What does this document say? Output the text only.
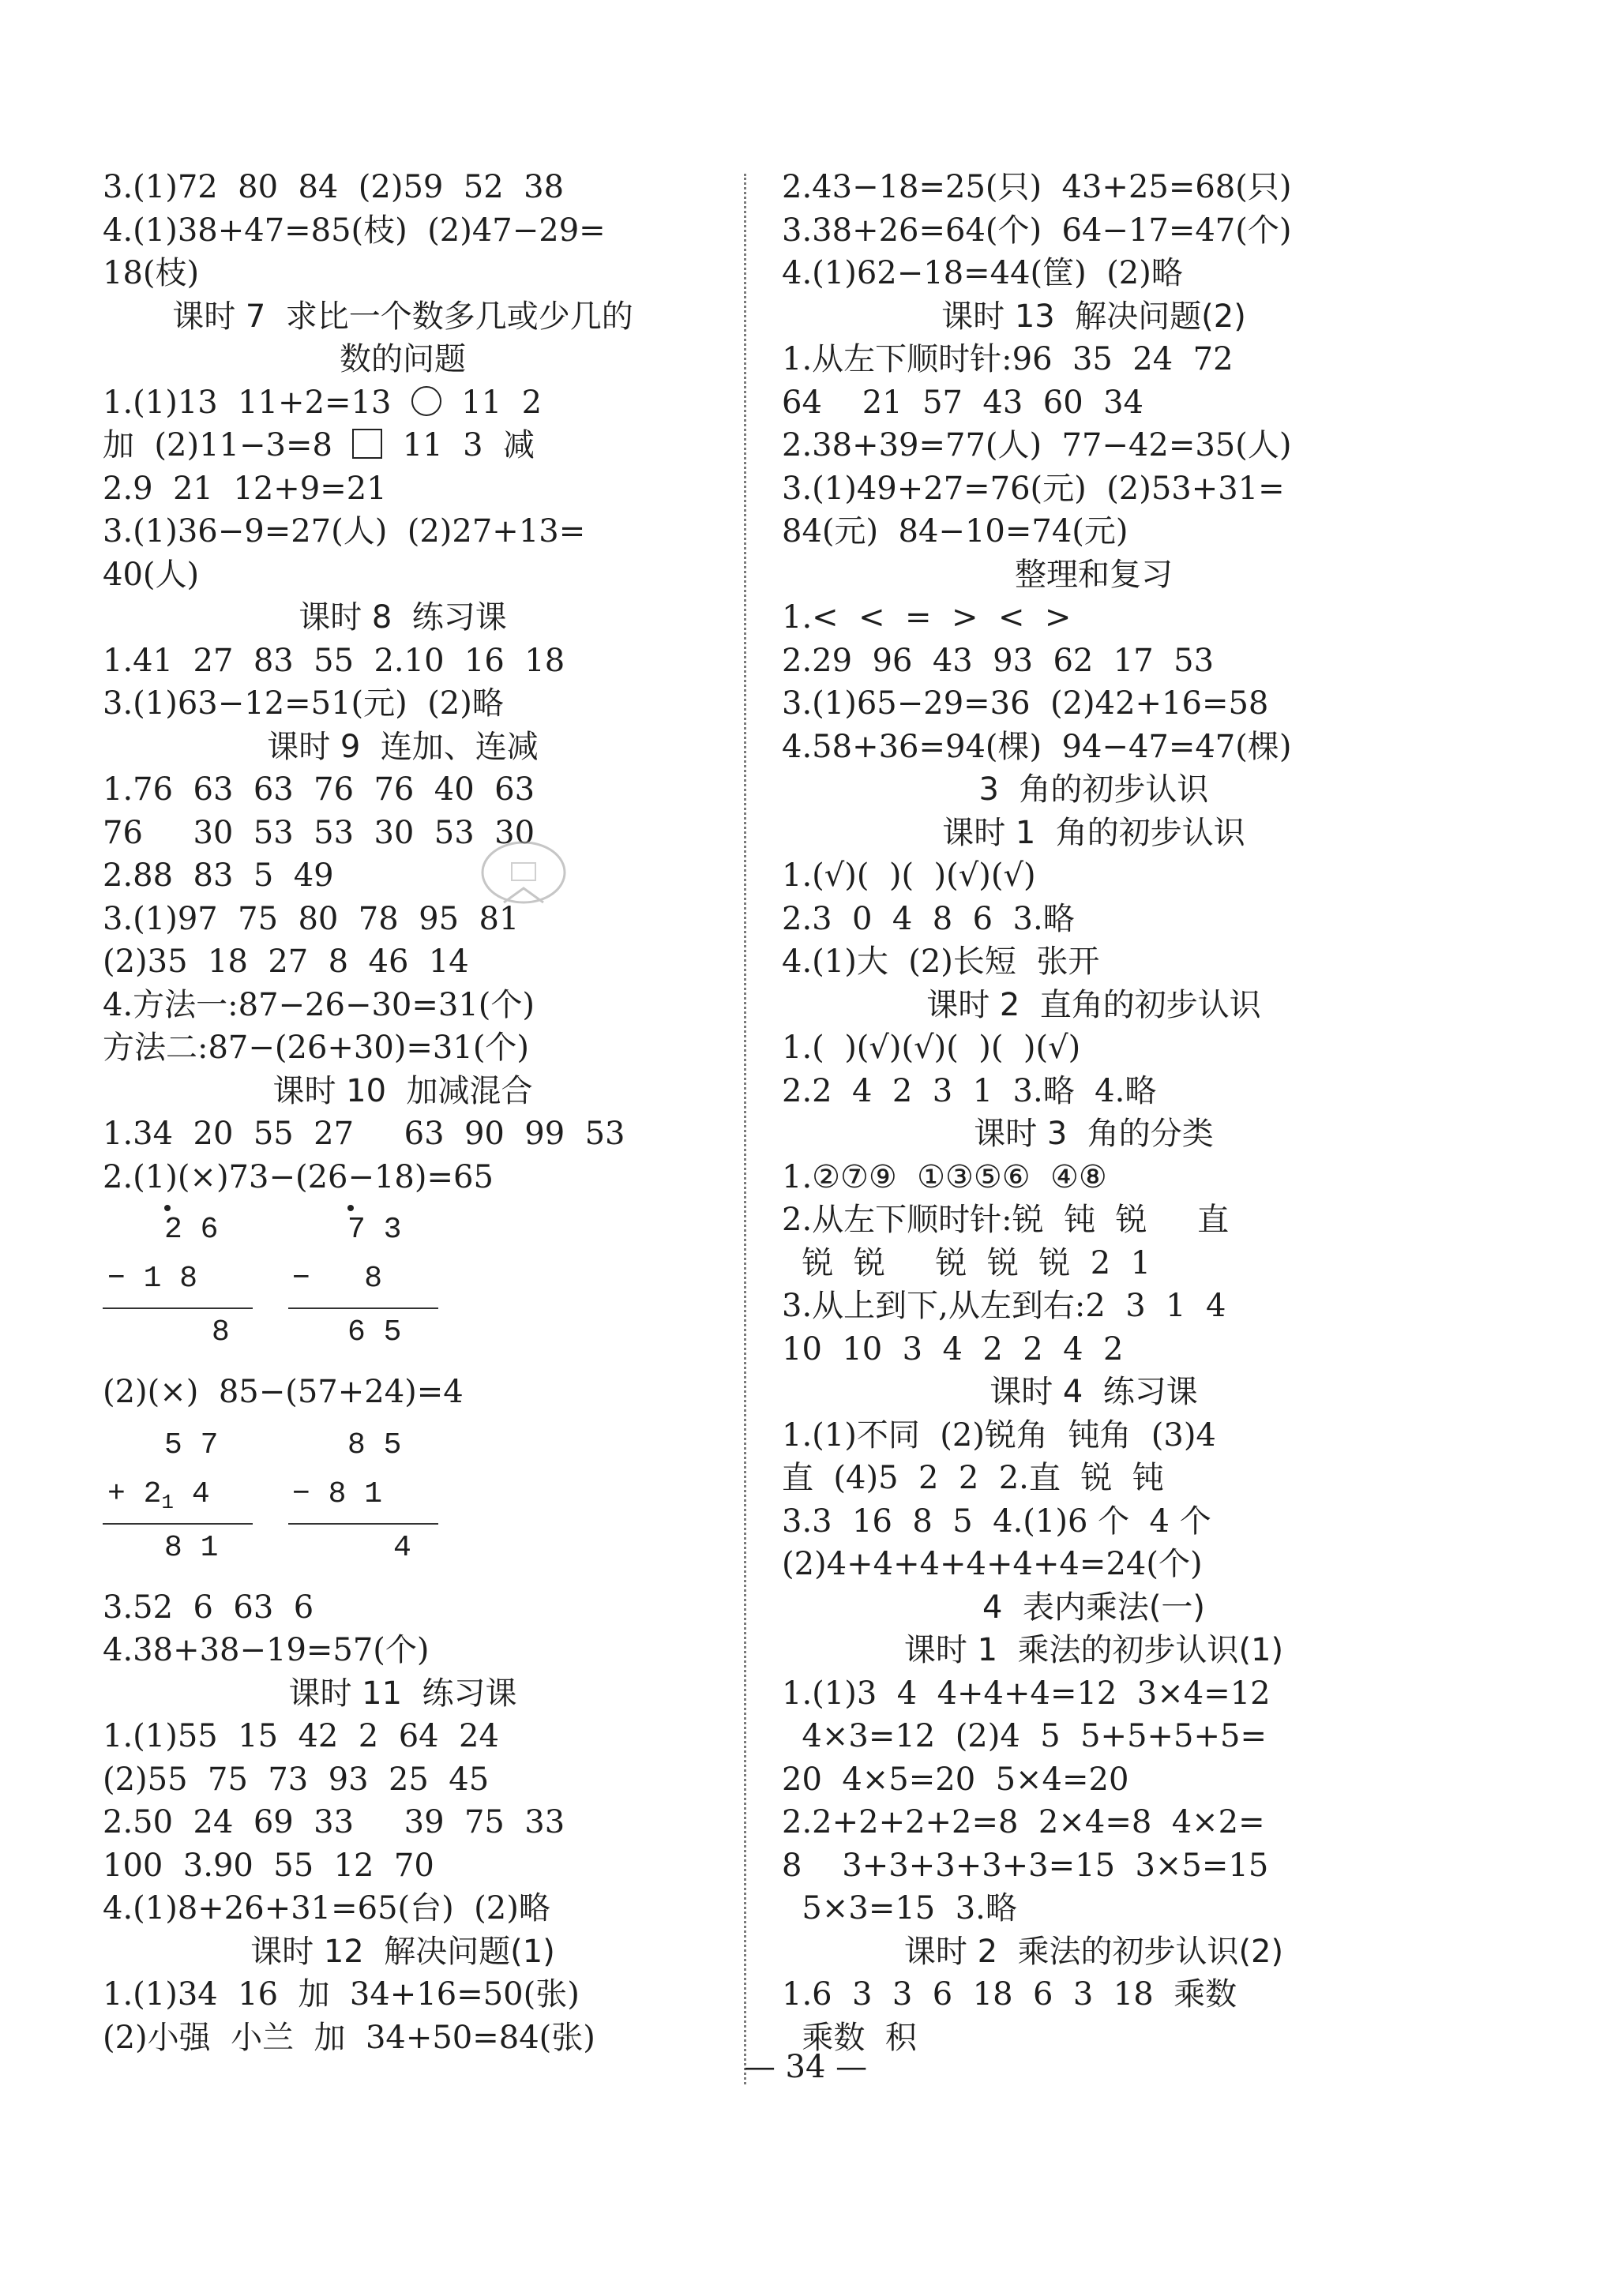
3.(1)72  80  84  (2)59  52  38
4.(1)38+47=85(枝)  (2)47−29=
18(枝)
课时 7  求比一个数多几或少几的
数的问题
1.(1)13  11+2=13    11  2
加  (2)11−3=8    11  3  减
2.9  21  12+9=21
3.(1)36−9=27(人)  (2)27+13=
40(人)
课时 8  练习课
1.41  27  83  55  2.10  16  18
3.(1)63−12=51(元)  (2)略
课时 9  连加、连减
1.76  63  63  76  76  40  63
76     30  53  53  30  53  30
2.88  83  5  49
3.(1)97  75  80  78  95  81
(2)35  18  27  8  46  14
4.方法一:87−26−30=31(个)
方法二:87−(26+30)=31(个)
课时 10  加减混合
1.34  20  55  27     63  90  99  53
2.(1)(×)73−(26−18)=65
2 6
− 1 8
8
7 3
−   8
6 5
(2)(×)  85−(57+24)=4
5 7
+ $2_1$ 4
8 1
8 5
− 8 1
4
3.52  6  63  6
4.38+38−19=57(个)
课时 11  练习课
1.(1)55  15  42  2  64  24
(2)55  75  73  93  25  45
2.50  24  69  33     39  75  33
100  3.90  55  12  70
4.(1)8+26+31=65(台)  (2)略
课时 12  解决问题(1)
1.(1)34  16  加  34+16=50(张)
(2)小强  小兰  加  34+50=84(张)
2.43−18=25(只)  43+25=68(只)
3.38+26=64(个)  64−17=47(个)
4.(1)62−18=44(筐)  (2)略
课时 13  解决问题(2)
1.从左下顺时针:96  35  24  72
64    21  57  43  60  34
2.38+39=77(人)  77−42=35(人)
3.(1)49+27=76(元)  (2)53+31=
84(元)  84−10=74(元)
整理和复习
1.<  <  =  >  <  >
2.29  96  43  93  62  17  53
3.(1)65−29=36  (2)42+16=58
4.58+36=94(棵)  94−47=47(棵)
3  角的初步认识
课时 1  角的初步认识
1.(√)(  )(  )(√)(√)
2.3  0  4  8  6  3.略
4.(1)大  (2)长短  张开
课时 2  直角的初步认识
1.(  )(√)(√)(  )(  )(√)
2.2  4  2  3  1  3.略  4.略
课时 3  角的分类
1.②⑦⑨  ①③⑤⑥  ④⑧
2.从左下顺时针:锐  钝  锐     直
锐  锐     锐  锐  锐  2  1
3.从上到下,从左到右:2  3  1  4
10  10  3  4  2  2  4  2
课时 4  练习课
1.(1)不同  (2)锐角  钝角  (3)4
直  (4)5  2  2  2.直  锐  钝
3.3  16  8  5  4.(1)6 个  4 个
(2)4+4+4+4+4+4=24(个)
4  表内乘法(一)
课时 1  乘法的初步认识(1)
1.(1)3  4  4+4+4=12  3×4=12
4×3=12  (2)4  5  5+5+5+5=
20  4×5=20  5×4=20
2.2+2+2+2=8  2×4=8  4×2=
8    3+3+3+3+3=15  3×5=15
5×3=15  3.略
课时 2  乘法的初步认识(2)
1.6  3  3  6  18  6  3  18  乘数
乘数  积
— 34 —
